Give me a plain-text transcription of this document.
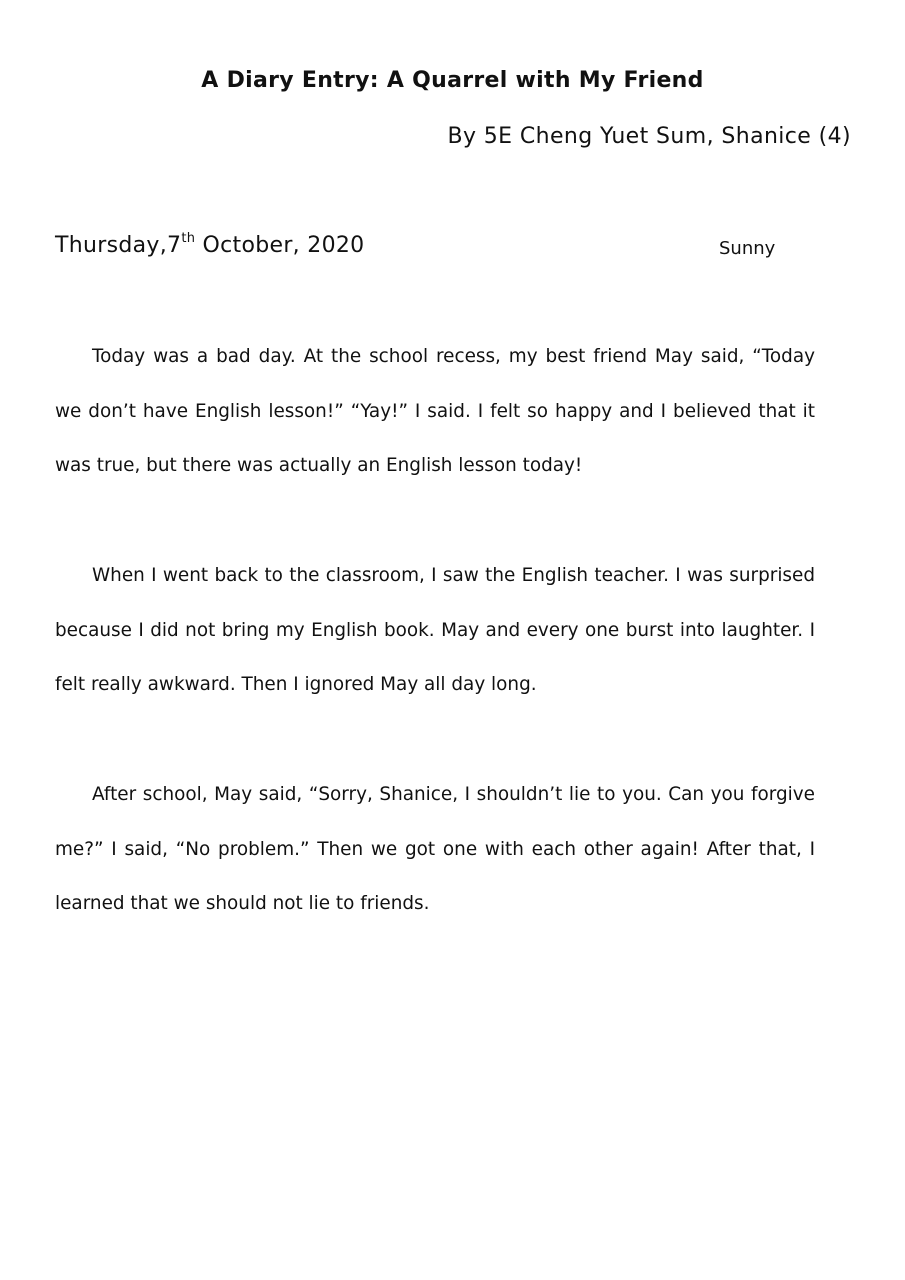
A Diary Entry: A Quarrel with My Friend
By 5E Cheng Yuet Sum, Shanice (4)
Thursday,7th October, 2020	Sunny

Today was a bad day. At the school recess, my best friend May said, “Today we don’t have English lesson!” “Yay!” I said. I felt so happy and I believed that it was true, but there was actually an English lesson today!

When I went back to the classroom, I saw the English teacher. I was surprised because I did not bring my English book. May and every one burst into laughter. I felt really awkward. Then I ignored May all day long.

After school, May said, “Sorry, Shanice, I shouldn’t lie to you. Can you forgive me?” I said, “No problem.” Then we got one with each other again! After that, I learned that we should not lie to friends.
